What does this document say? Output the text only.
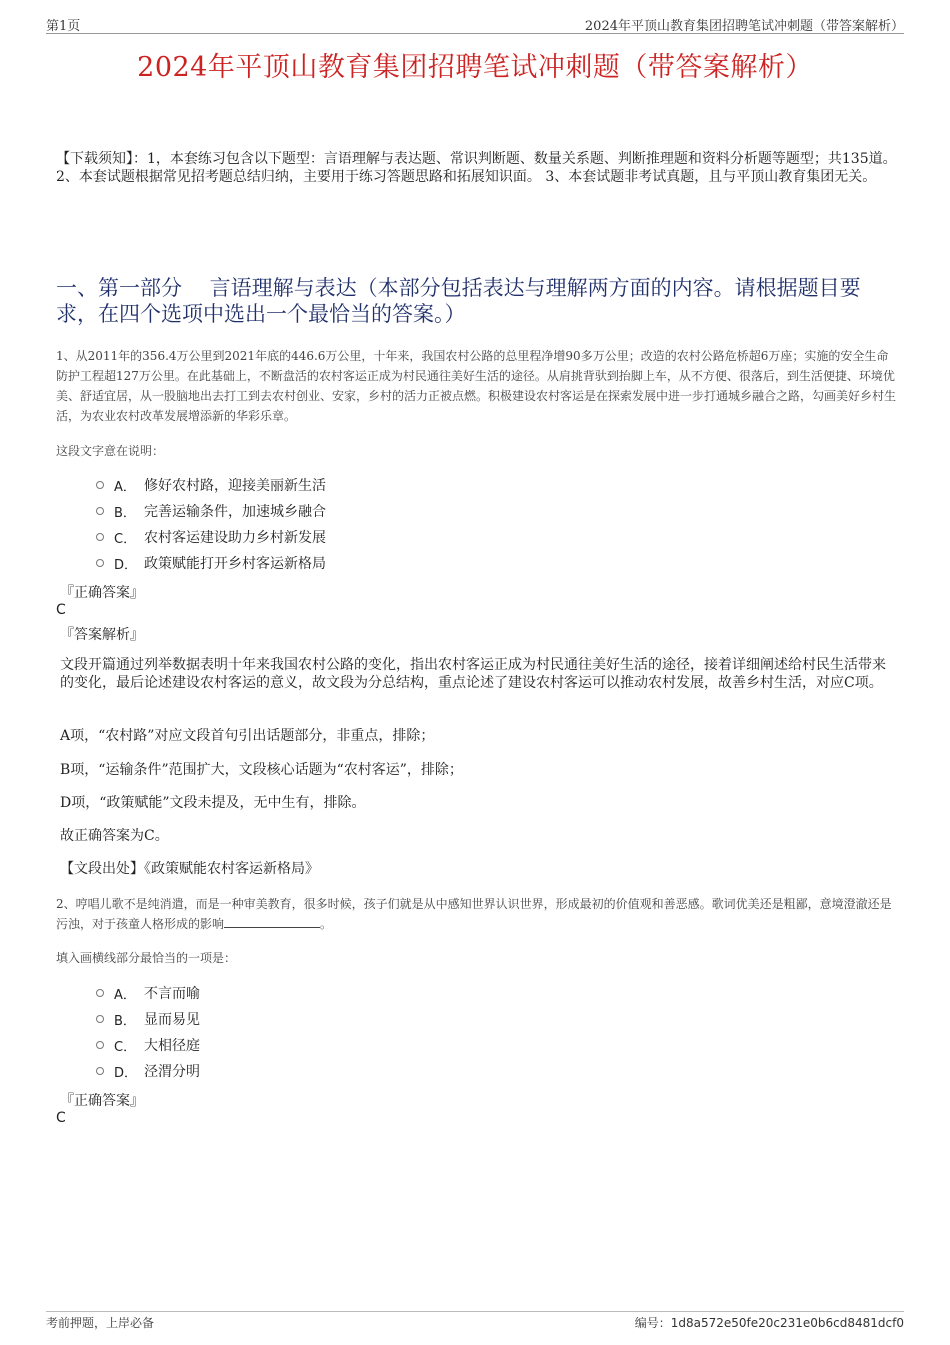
第1页	2024年平顶山教育集团招聘笔试冲刺题（带答案解析）
2024年平顶山教育集团招聘笔试冲刺题（带答案解析）
【下载须知】：1，本套练习包含以下题型：言语理解与表达题、常识判断题、数量关系题、判断推理题和资料分析题等题型；共135道。 2、本套试题根据常见招考题总结归纳，主要用于练习答题思路和拓展知识面。 3、本套试题非考试真题，且与平顶山教育集团无关。
一、第一部分　 言语理解与表达（本部分包括表达与理解两方面的内容。请根据题目要求，在四个选项中选出一个最恰当的答案。）
1、从2011年的356.4万公里到2021年底的446.6万公里，十年来，我国农村公路的总里程净增90多万公里；改造的农村公路危桥超6万座；实施的安全生命防护工程超127万公里。在此基础上，不断盘活的农村客运正成为村民通往美好生活的途径。从肩挑背驮到抬脚上车，从不方便、很落后，到生活便捷、环境优美、舒适宜居，从一股脑地出去打工到去农村创业、安家，乡村的活力正被点燃。积极建设农村客运是在探索发展中进一步打通城乡融合之路，勾画美好乡村生活，为农业农村改革发展增添新的华彩乐章。
这段文字意在说明：
A． 修好农村路，迎接美丽新生活
B． 完善运输条件，加速城乡融合
C． 农村客运建设助力乡村新发展
D． 政策赋能打开乡村客运新格局
『正确答案』
C
『答案解析』
文段开篇通过列举数据表明十年来我国农村公路的变化，指出农村客运正成为村民通往美好生活的途径，接着详细阐述给村民生活带来的变化，最后论述建设农村客运的意义，故文段为分总结构，重点论述了建设农村客运可以推动农村发展，故善乡村生活，对应C项。
A项，“农村路”对应文段首句引出话题部分，非重点，排除；
B项，“运输条件”范围扩大，文段核心话题为“农村客运”，排除；
D项，“政策赋能”文段未提及，无中生有，排除。
故正确答案为C。
【文段出处】《政策赋能农村客运新格局》
2、哼唱儿歌不是纯消遣，而是一种审美教育，很多时候，孩子们就是从中感知世界认识世界，形成最初的价值观和善恶感。歌词优美还是粗鄙，意境澄澈还是污浊，对于孩童人格形成的影响	。
填入画横线部分最恰当的一项是：
A． 不言而喻
B． 显而易见
C． 大相径庭
D． 泾渭分明
『正确答案』
C
考前押题，上岸必备	编号：1d8a572e50fe20c231e0b6cd8481dcf0
